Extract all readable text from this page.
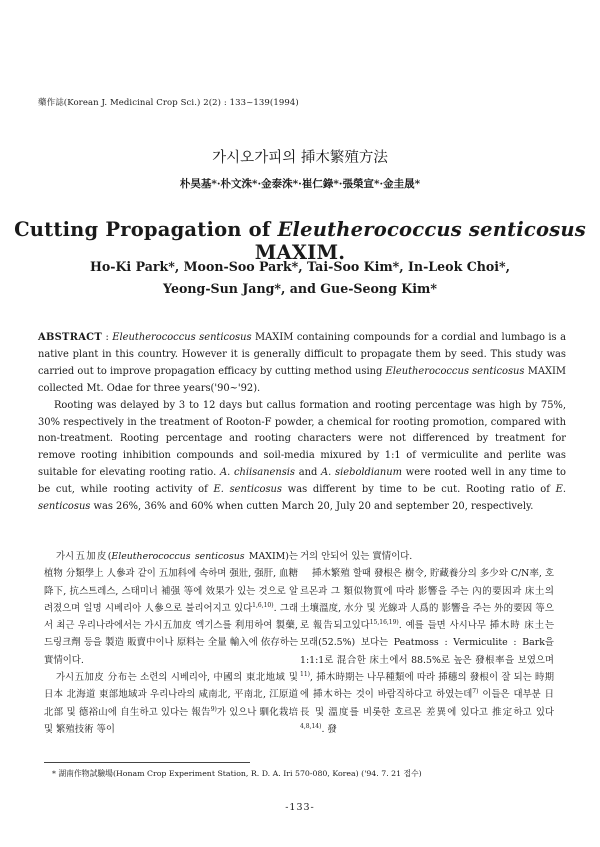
藥作誌(Korean J. Medicinal Crop Sci.) 2(2) : 133~139(1994)
가시오가피의 揷木繁殖方法
朴昊基*·朴文洙*·金泰洙*·崔仁錄*·張榮宣*·金圭晟*
Cutting Propagation of Eleutherococcus senticosus MAXIM.
Ho-Ki Park*, Moon-Soo Park*, Tai-Soo Kim*, In-Leok Choi*,
Yeong-Sun Jang*, and Gue-Seong Kim*

ABSTRACT : Eleutherococcus senticosus MAXIM containing compounds for a cordial and lumbago is a native plant in this country. However it is generally difficult to propagate them by seed. This study was carried out to improve propagation efficacy by cutting method using Eleutherococcus senticosus MAXIM collected Mt. Odae for three years('90~'92).

Rooting was delayed by 3 to 12 days but callus formation and rooting percentage was high by 75%, 30% respectively in the treatment of Rooton-F powder, a chemical for rooting promotion, compared with non-treatment. Rooting percentage and rooting characters were not differenced by treatment for remove rooting inhibition compounds and soil-media mixured by 1:1 of vermiculite and perlite was suitable for elevating rooting ratio. A. chiisanensis and A. sieboldianum were rooted well in any time to be cut, while rooting activity of E. senticosus was different by time to be cut. Rooting ratio of E. senticosus was 26%, 36% and 60% when cutten March 20, July 20 and september 20, respectively.

가시五加皮(Eleutherococcus senticosus MAXIM)는 植物 分類學上 人參과 같이 五加科에 속하며 强壯, 强肝, 血糖降下, 抗스트레스, 스태미너 補强 等에 效果가 있는 것으로 알려졌으며 일명 시베리아 人參으로 불리어지고 있다$^{1,6,10)}$. 그래서 최근 우리나라에서는 가시五加皮 엑기스를 利用하여 製藥, 드링크劑 등을 製造 販賣中이나 原料는 全量 輸入에 依存하는 實情이다.

가시五加皮 分布는 소련의 시베리아, 中國의 東北地域 및 日本 北海道 東部地域과 우리나라의 咸南北, 平南北, 江原道 北部 및 德裕山에 自生하고 있다는 報告$^{9)}$가 있으나 馴化栽培 및 繁殖技術 等이

거의 안되어 있는 實情이다.

揷木繁殖 할때 發根은 樹令, 貯藏養分의 多少와 C/N率, 호르몬과 그 類似物質에 따라 影響을 주는 內的要因과 床土의 土壤溫度, 水分 및 光線과 人爲的 影響을 주는 外的要因 等으로 報告되고있다$^{15,16,19)}$. 예를 들면 사시나무 揷木時 床土는 모래(52.5%) 보다는 Peatmoss : Vermiculite : Bark을 1:1:1로 混合한 床土에서 88.5%로 높은 發根率을 보였으며$^{11)}$, 揷木時期는 나무種類에 따라 揷穗의 發根이 잘 되는 時期에 揷木하는 것이 바람직하다고 하였는데$^{7)}$ 이들은 대부분 日長 및 溫度를 비롯한 호르몬 差異에 있다고 推定하고 있다$^{4,8,14)}$. 發

* 湖南作物試驗場(Honam Crop Experiment Station, R. D. A. Iri 570-080, Korea) ('94. 7. 21 접수)
-133-
